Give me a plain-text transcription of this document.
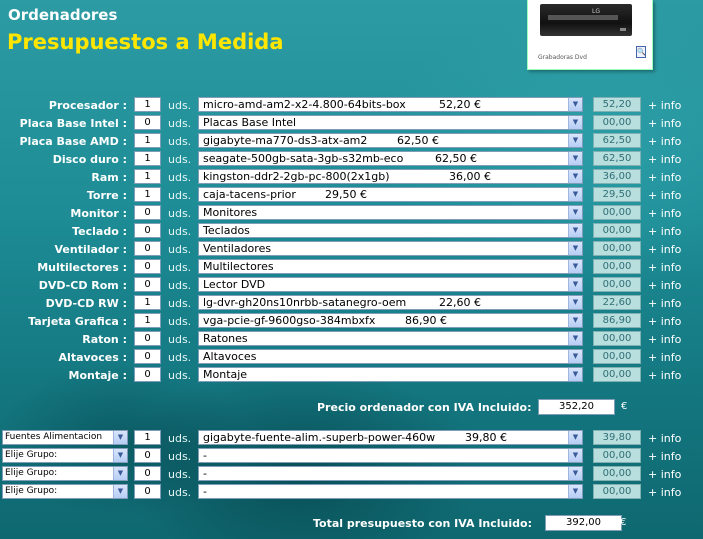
Ordenadores
Presupuestos a Medida
LG
Grabadoras Dvd
🔍
Procesador :	1	uds.	micro-amd-am2-x2-4.800-64bits-box	52,20 €	▼	52,20	+ info
Placa Base Intel :	0	uds.	Placas Base Intel	▼	00,00	+ info
Placa Base AMD :	1	uds.	gigabyte-ma770-ds3-atx-am2	62,50 €	▼	62,50	+ info
Disco duro :	1	uds.	seagate-500gb-sata-3gb-s32mb-eco	62,50 €	▼	62,50	+ info
Ram :	1	uds.	kingston-ddr2-2gb-pc-800(2x1gb)	36,00 €	▼	36,00	+ info
Torre :	1	uds.	caja-tacens-prior	29,50 €	▼	29,50	+ info
Monitor :	0	uds.	Monitores	▼	00,00	+ info
Teclado :	0	uds.	Teclados	▼	00,00	+ info
Ventilador :	0	uds.	Ventiladores	▼	00,00	+ info
Multilectores :	0	uds.	Multilectores	▼	00,00	+ info
DVD-CD Rom :	0	uds.	Lector DVD	▼	00,00	+ info
DVD-CD RW :	1	uds.	lg-dvr-gh20ns10nrbb-satanegro-oem	22,60 €	▼	22,60	+ info
Tarjeta Grafica :	1	uds.	vga-pcie-gf-9600gso-384mbxfx	86,90 €	▼	86,90	+ info
Raton :	0	uds.	Ratones	▼	00,00	+ info
Altavoces :	0	uds.	Altavoces	▼	00,00	+ info
Montaje :	0	uds.	Montaje	▼	00,00	+ info
Precio ordenador con IVA Incluido:	352,20	€
Fuentes Alimentacion	▼	1	uds.	gigabyte-fuente-alim.-superb-power-460w	39,80 €	▼	39,80	+ info
Elije Grupo:	▼	0	uds.	-	▼	00,00	+ info
Elije Grupo:	▼	0	uds.	-	▼	00,00	+ info
Elije Grupo:	▼	0	uds.	-	▼	00,00	+ info
Total presupuesto con IVA Incluido:	392,00	€
